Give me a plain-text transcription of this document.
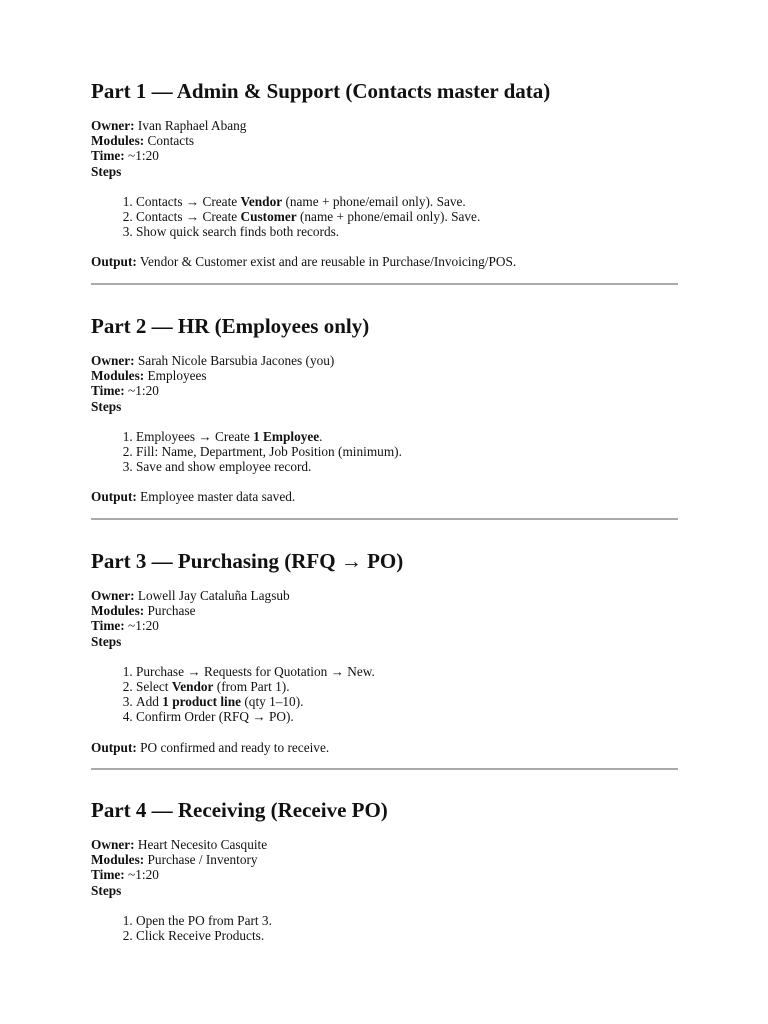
Part 1 — Admin & Support (Contacts master data)

Owner: Ivan Raphael Abang

Modules: Contacts

Time: ~1:20

Steps

1. Contacts → Create Vendor (name + phone/email only). Save.
2. Contacts → Create Customer (name + phone/email only). Save.
3. Show quick search finds both records.

Output: Vendor & Customer exist and are reusable in Purchase/Invoicing/POS.

Part 2 — HR (Employees only)

Owner: Sarah Nicole Barsubia Jacones (you)

Modules: Employees

Time: ~1:20

Steps

1. Employees → Create 1 Employee.
2. Fill: Name, Department, Job Position (minimum).
3. Save and show employee record.

Output: Employee master data saved.

Part 3 — Purchasing (RFQ → PO)

Owner: Lowell Jay Cataluña Lagsub

Modules: Purchase

Time: ~1:20

Steps

1. Purchase → Requests for Quotation → New.
2. Select Vendor (from Part 1).
3. Add 1 product line (qty 1–10).
4. Confirm Order (RFQ → PO).

Output: PO confirmed and ready to receive.

Part 4 — Receiving (Receive PO)

Owner: Heart Necesito Casquite

Modules: Purchase / Inventory

Time: ~1:20

Steps

1. Open the PO from Part 3.
2. Click Receive Products.
